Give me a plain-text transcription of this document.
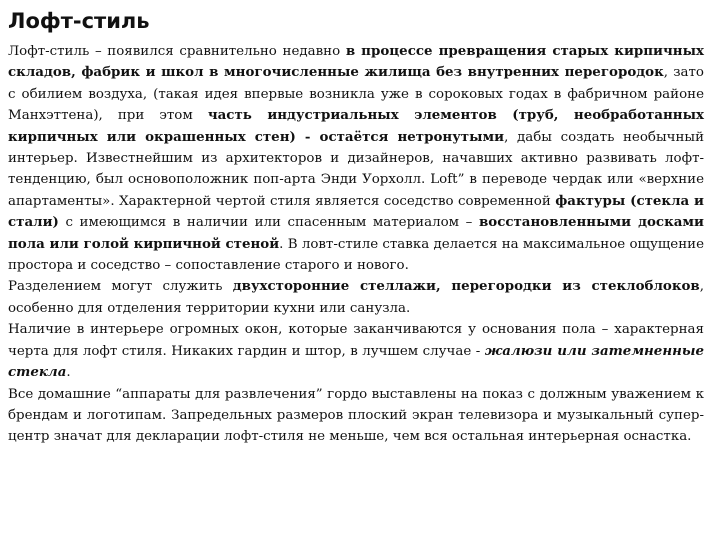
Лофт-стиль

Лофт-стиль – появился сравнительно недавно в процессе превращения старых кирпичных складов, фабрик и школ в многочисленные жилища без внутренних перегородок, зато с обилием воздуха, (такая идея впервые возникла уже в сороковых годах в фабричном районе Манхэттена), при этом часть индустриальных элементов (труб, необработанных кирпичных или окрашенных стен) - остаётся нетронутыми, дабы создать необычный интерьер. Известнейшим из архитекторов и дизайнеров, начавших активно развивать лофт-тенденцию, был основоположник поп-арта Энди Уорхолл. Loft” в переводе чердак или «верхние апартаменты». Характерной чертой стиля является соседство современной фактуры (стекла и стали) с имеющимся в наличии или спасенным материалом – восстановленными досками пола или голой кирпичной стеной. В ловт-стиле ставка делается на максимальное ощущение простора и соседство – сопоставление старого и нового.

Разделением могут служить двухсторонние стеллажи, перегородки из стеклоблоков, особенно для отделения территории кухни или санузла.

Наличие в интерьере огромных окон, которые заканчиваются у основания пола – характерная черта для лофт стиля. Никаких гардин и штор, в лучшем случае - жалюзи или затемненные стекла.

Все домашние “аппараты для развлечения” гордо выставлены на показ с должным уважением к брендам и логотипам. Запредельных размеров плоский экран телевизора и музыкальный супер-центр значат для декларации лофт-стиля не меньше, чем вся остальная интерьерная оснастка.
